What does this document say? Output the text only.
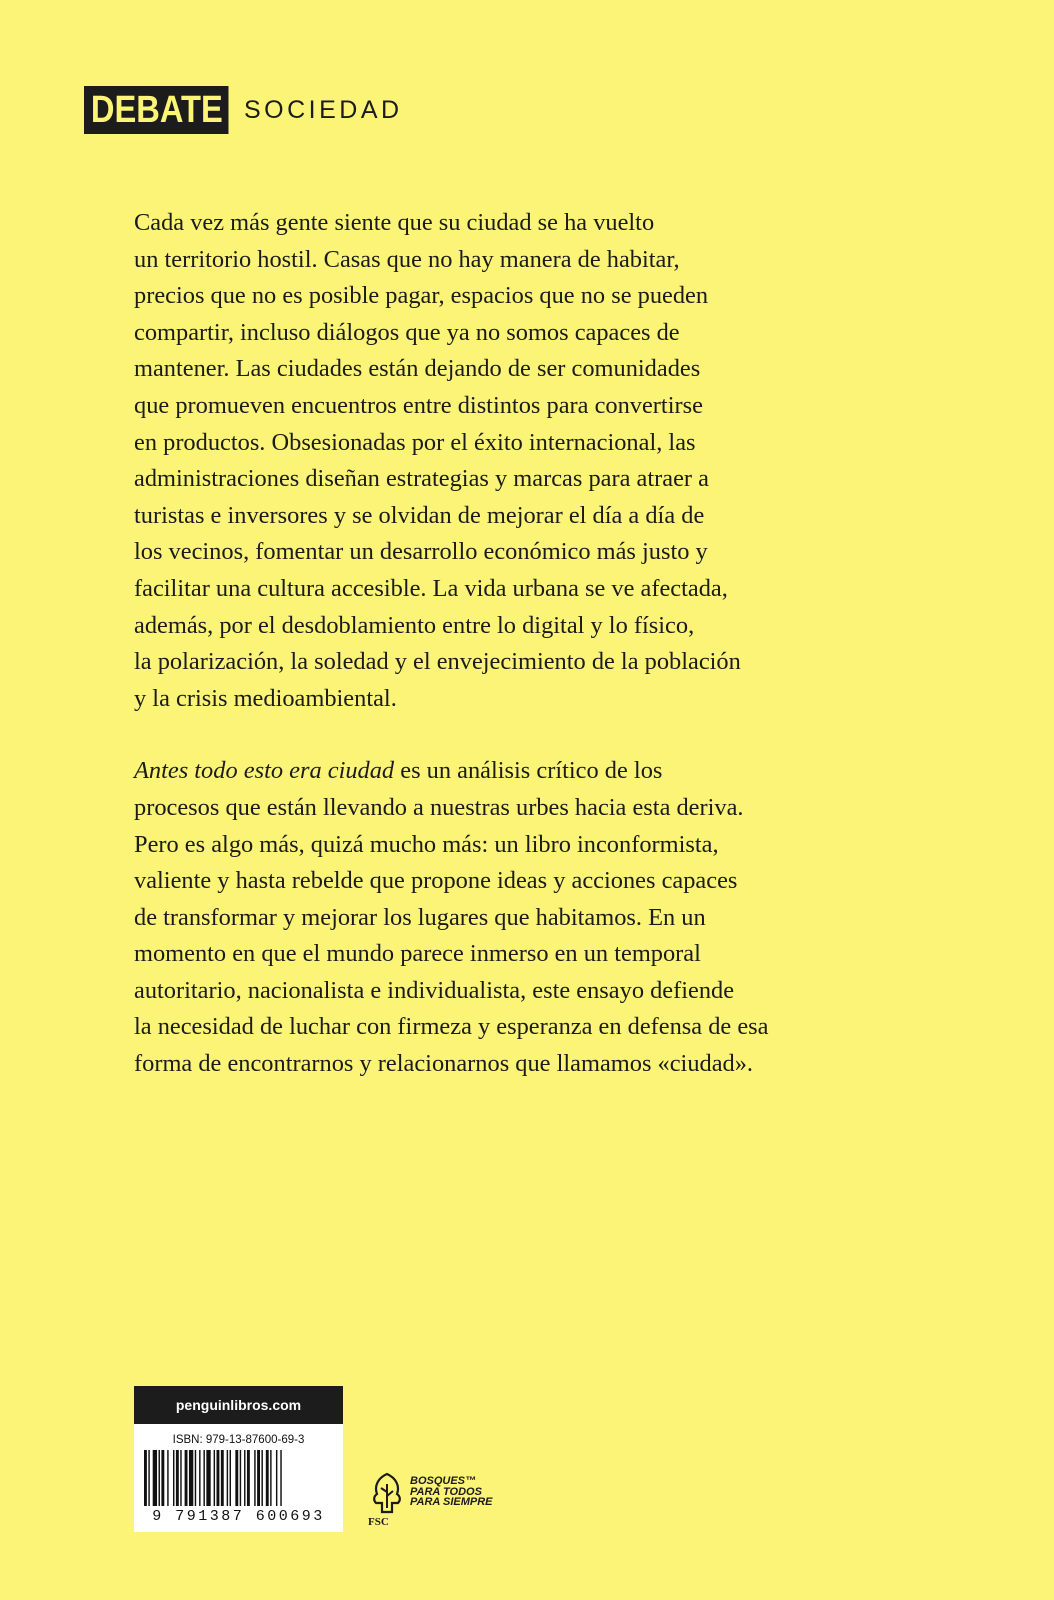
DEBATE SOCIEDAD

Cada vez más gente siente que su ciudad se ha vuelto
un territorio hostil. Casas que no hay manera de habitar,
precios que no es posible pagar, espacios que no se pueden
compartir, incluso diálogos que ya no somos capaces de
mantener. Las ciudades están dejando de ser comunidades
que promueven encuentros entre distintos para convertirse
en productos. Obsesionadas por el éxito internacional, las
administraciones diseñan estrategias y marcas para atraer a
turistas e inversores y se olvidan de mejorar el día a día de
los vecinos, fomentar un desarrollo económico más justo y
facilitar una cultura accesible. La vida urbana se ve afectada,
además, por el desdoblamiento entre lo digital y lo físico,
la polarización, la soledad y el envejecimiento de la población
y la crisis medioambiental.

Antes todo esto era ciudad es un análisis crítico de los
procesos que están llevando a nuestras urbes hacia esta deriva.
Pero es algo más, quizá mucho más: un libro inconformista,
valiente y hasta rebelde que propone ideas y acciones capaces
de transformar y mejorar los lugares que habitamos. En un
momento en que el mundo parece inmerso en un temporal
autoritario, nacionalista e individualista, este ensayo defiende
la necesidad de luchar con firmeza y esperanza en defensa de esa
forma de encontrarnos y relacionarnos que llamamos «ciudad».

penguinlibros.com
ISBN: 979-13-87600-69-3
9 791387 600693
BOSQUES™
PARA TODOS
PARA SIEMPRE
FSC
